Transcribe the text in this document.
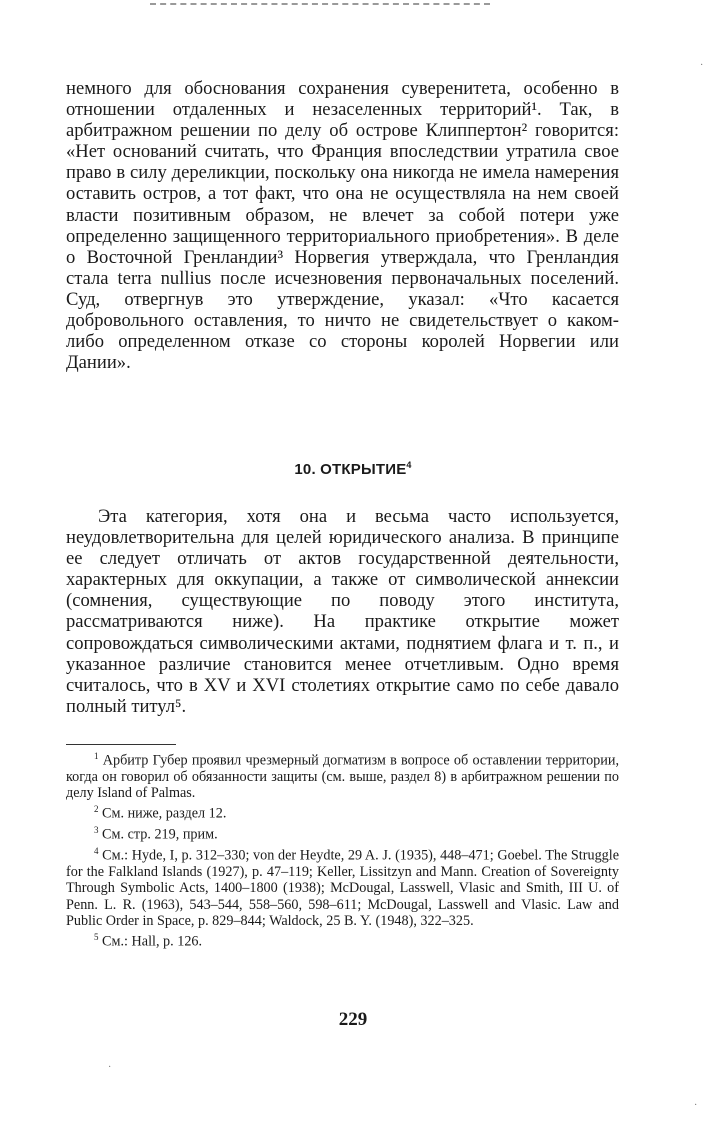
немного для обоснования сохранения суверенитета, особенно в отношении отдаленных и незаселенных территорий¹. Так, в арбитражном решении по делу об острове Клиппертон² говорится: «Нет оснований считать, что Франция впоследствии утратила свое право в силу дереликции, поскольку она никогда не имела намерения оставить остров, а тот факт, что она не осуществляла на нем своей власти позитивным образом, не влечет за собой потери уже определенно защищенного территориального приобретения». В деле о Восточной Гренландии³ Норвегия утверждала, что Гренландия стала terra nullius после исчезновения первоначальных поселений. Суд, отвергнув это утверждение, указал: «Что касается добровольного оставления, то ничто не свидетельствует о каком-либо определенном отказе со стороны королей Норвегии или Дании».

10. ОТКРЫТИЕ$^4$

Эта категория, хотя она и весьма часто используется, неудовлетворительна для целей юридического анализа. В принципе ее следует отличать от актов государственной деятельности, характерных для оккупации, а также от символической аннексии (сомнения, существующие по поводу этого института, рассматриваются ниже). На практике открытие может сопровождаться символическими актами, поднятием флага и т. п., и указанное различие становится менее отчетливым. Одно время считалось, что в XV и XVI столетиях открытие само по себе давало полный титул⁵.

$^1$ Арбитр Губер проявил чрезмерный догматизм в вопросе об оставлении территории, когда он говорил об обязанности защиты (см. выше, раздел 8) в арбитражном решении по делу Island of Palmas.

$^2$ См. ниже, раздел 12.

$^3$ См. стр. 219, прим.

$^4$ См.: Hyde, I, p. 312–330; von der Heydte, 29 A. J. (1935), 448–471; Goebel. The Struggle for the Falkland Islands (1927), p. 47–119; Keller, Lissitzyn and Mann. Creation of Sovereignty Through Symbolic Acts, 1400–1800 (1938); McDougal, Lasswell, Vlasic and Smith, III U. of Penn. L. R. (1963), 543–544, 558–560, 598–611; McDougal, Lasswell and Vlasic. Law and Public Order in Space, p. 829–844; Waldock, 25 B. Y. (1948), 322–325.

$^5$ См.: Hall, p. 126.

229
·
·
·
